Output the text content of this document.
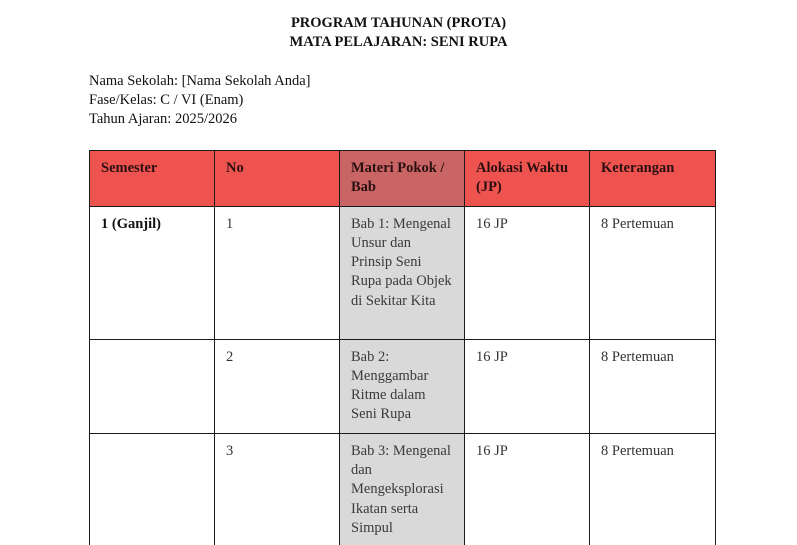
PROGRAM TAHUNAN (PROTA)
MATA PELAJARAN: SENI RUPA
Nama Sekolah: [Nama Sekolah Anda]
Fase/Kelas: C / VI (Enam)
Tahun Ajaran: 2025/2026
Semester	No	Materi Pokok / Bab	Alokasi Waktu (JP)	Keterangan
1 (Ganjil)	1	Bab 1: Mengenal Unsur dan Prinsip Seni Rupa pada Objek di Sekitar Kita	16 JP	8 Pertemuan
	2	Bab 2: Menggambar Ritme dalam Seni Rupa	16 JP	8 Pertemuan
	3	Bab 3: Mengenal dan Mengeksplorasi Ikatan serta Simpul	16 JP	8 Pertemuan
